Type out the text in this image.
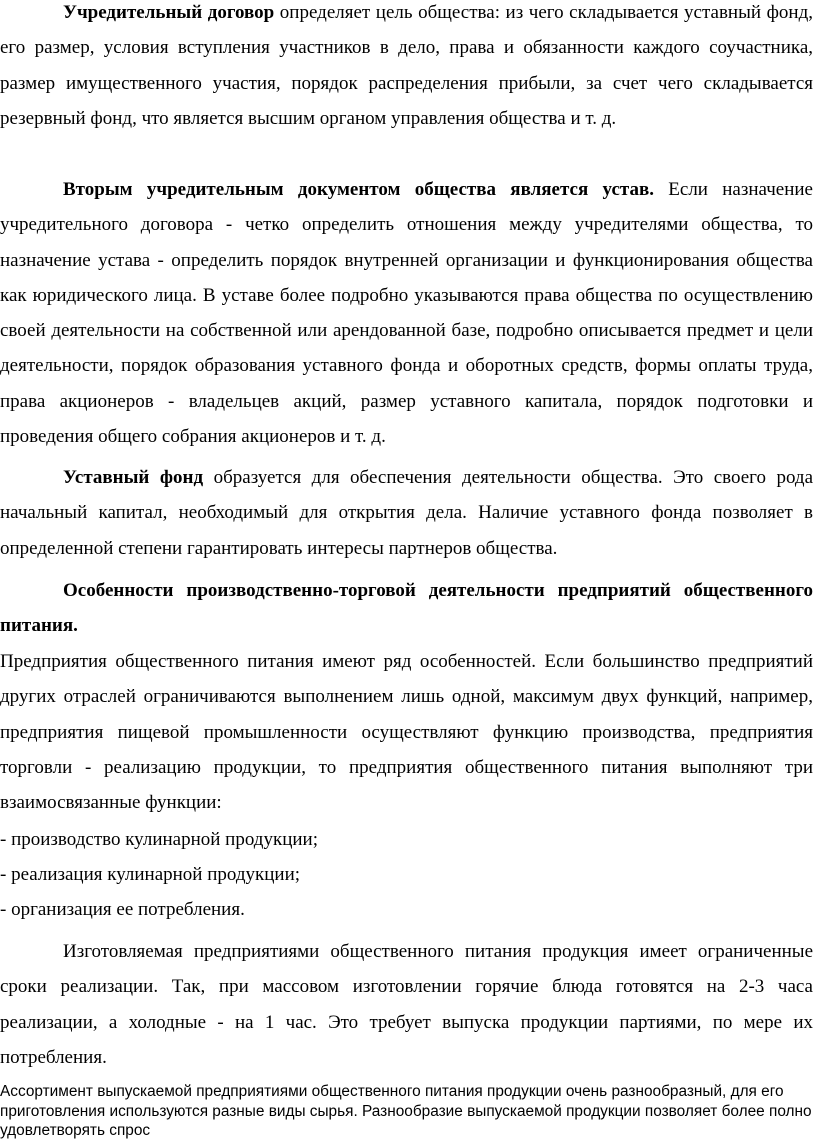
Учредительный договор определяет цель общества: из чего складывается уставный фонд, его размер, условия вступления участников в дело, права и обязанности каждого соучастника, размер имущественного участия, порядок распределения прибыли, за счет чего складывается резервный фонд, что является высшим органом управления общества и т. д.

Вторым учредительным документом общества является устав. Если назначение учредительного договора - четко определить отношения между учредителями общества, то назначение устава - определить порядок внутренней организации и функционирования общества как юридического лица. В уставе более подробно указываются права общества по осуществлению своей деятельности на собственной или арендованной базе, подробно описывается предмет и цели деятельности, порядок образования уставного фонда и оборотных средств, формы оплаты труда, права акционеров - владельцев акций, размер уставного капитала, порядок подготовки и проведения общего собрания акционеров и т. д.

Уставный фонд образуется для обеспечения деятельности общества. Это своего рода начальный капитал, необходимый для открытия дела. Наличие уставного фонда позволяет в определенной степени гарантировать интересы партнеров общества.

Особенности производственно-торговой деятельности предприятий общественного питания.

Предприятия общественного питания имеют ряд особенностей. Если большинство предприятий других отраслей ограничиваются выполнением лишь одной, максимум двух функций, например, предприятия пищевой промышленности осуществляют функцию производства, предприятия торговли - реализацию продукции, то предприятия общественного питания выполняют три взаимосвязанные функции:

- производство кулинарной продукции;

- реализация кулинарной продукции;

- организация ее потребления.

Изготовляемая предприятиями общественного питания продукция имеет ограниченные сроки реализации. Так, при массовом изготовлении горячие блюда готовятся на 2-3 часа реализации, а холодные - на 1 час. Это требует выпуска продукции партиями, по мере их потребления.

Ассортимент выпускаемой предприятиями общественного питания продукции очень разнообразный, для его приготовления используются разные виды сырья. Разнообразие выпускаемой продукции позволяет более полно удовлетворять спрос
